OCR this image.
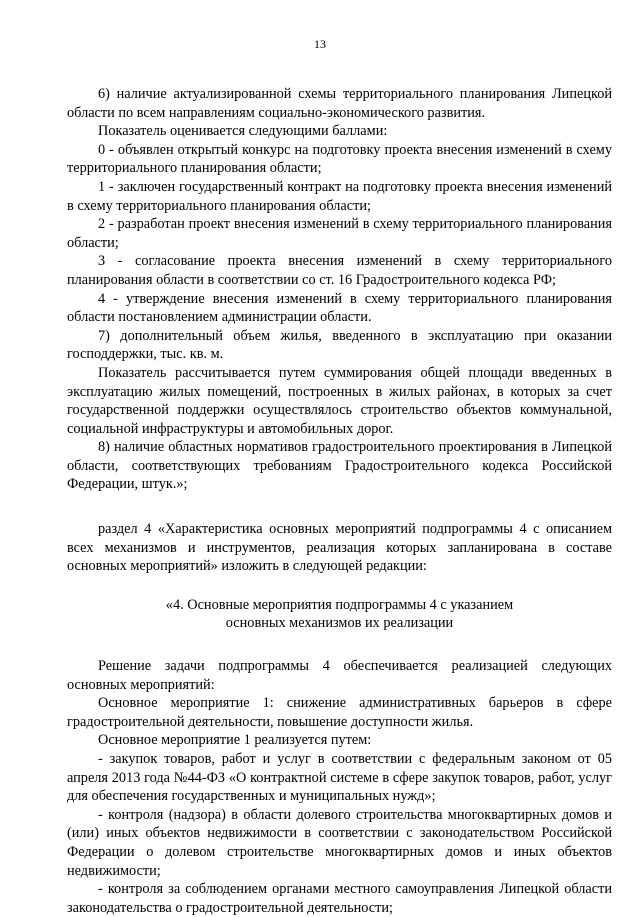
13

6) наличие актуализированной схемы территориального планирования Липецкой области по всем направлениям социально-экономического развития.

Показатель оценивается следующими баллами:

0 - объявлен открытый конкурс на подготовку проекта внесения изменений в схему территориального планирования области;

1 - заключен государственный контракт на подготовку проекта внесения изменений в схему территориального планирования области;

2 - разработан проект внесения изменений в схему территориального планирования области;

3 - согласование проекта внесения изменений в схему территориального планирования области в соответствии со ст. 16 Градостроительного кодекса РФ;

4 - утверждение внесения изменений в схему территориального планирования области постановлением администрации области.

7) дополнительный объем жилья, введенного в эксплуатацию при оказании господдержки, тыс. кв. м.

Показатель рассчитывается путем суммирования общей площади введенных в эксплуатацию жилых помещений, построенных в жилых районах, в которых за счет государственной поддержки осуществлялось строительство объектов коммунальной, социальной инфраструктуры и автомобильных дорог.

8) наличие областных нормативов градостроительного проектирования в Липецкой области, соответствующих требованиям Градостроительного кодекса Российской Федерации, штук.»;

раздел 4 «Характеристика основных мероприятий подпрограммы 4 с описанием всех механизмов и инструментов, реализация которых запланирована в составе основных мероприятий» изложить в следующей редакции:

«4. Основные мероприятия подпрограммы 4 с указанием
основных механизмов их реализации

Решение задачи подпрограммы 4 обеспечивается реализацией следующих основных мероприятий:

Основное мероприятие 1: снижение административных барьеров в сфере градостроительной деятельности, повышение доступности жилья.

Основное мероприятие 1 реализуется путем:

- закупок товаров, работ и услуг в соответствии с федеральным законом от 05 апреля 2013 года №44-ФЗ «О контрактной системе в сфере закупок товаров, работ, услуг для обеспечения государственных и муниципальных нужд»;

- контроля (надзора) в области долевого строительства многоквартирных домов и (или) иных объектов недвижимости в соответствии с законодательством Российской Федерации о долевом строительстве многоквартирных домов и иных объектов недвижимости;

- контроля за соблюдением органами местного самоуправления Липецкой области законодательства о градостроительной деятельности;
